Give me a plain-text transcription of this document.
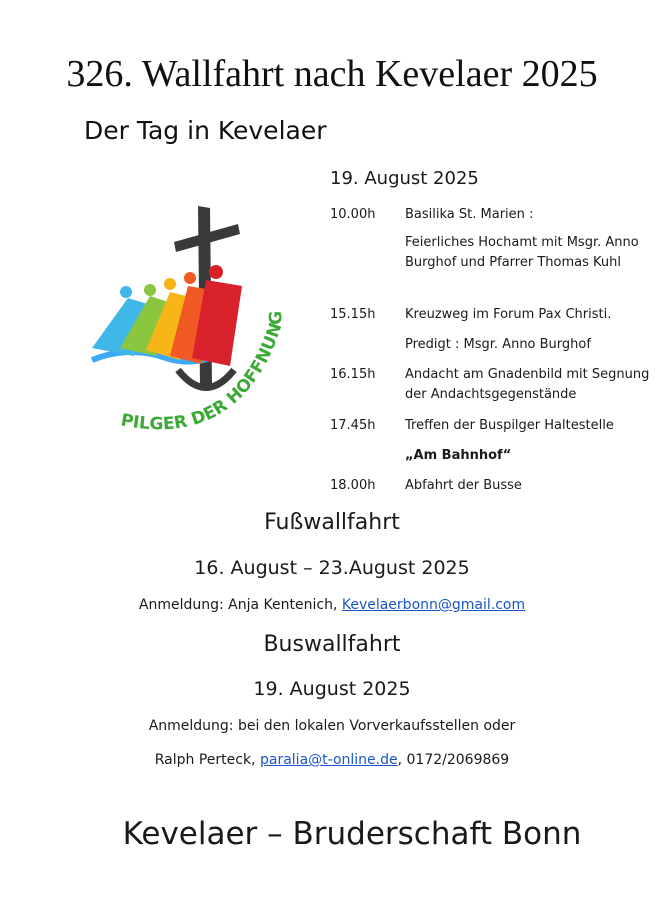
326. Wallfahrt nach Kevelaer 2025
Der Tag in Kevelaer
PILGER DER HOFFNUNG
19. August 2025
10.00h Basilika St. Marien :
Feierliches Hochamt mit Msgr. Anno Burghof und Pfarrer Thomas Kuhl
15.15h Kreuzweg im Forum Pax Christi.
Predigt : Msgr. Anno Burghof
16.15h Andacht am Gnadenbild mit Segnung der Andachtsgegenstände
17.45h Treffen der Buspilger Haltestelle
„Am Bahnhof“
18.00h Abfahrt der Busse
Fußwallfahrt
16. August – 23.August 2025
Anmeldung: Anja Kentenich, Kevelaerbonn@gmail.com
Buswallfahrt
19. August 2025
Anmeldung: bei den lokalen Vorverkaufsstellen oder
Ralph Perteck, paralia@t-online.de, 0172/2069869
Kevelaer – Bruderschaft Bonn
